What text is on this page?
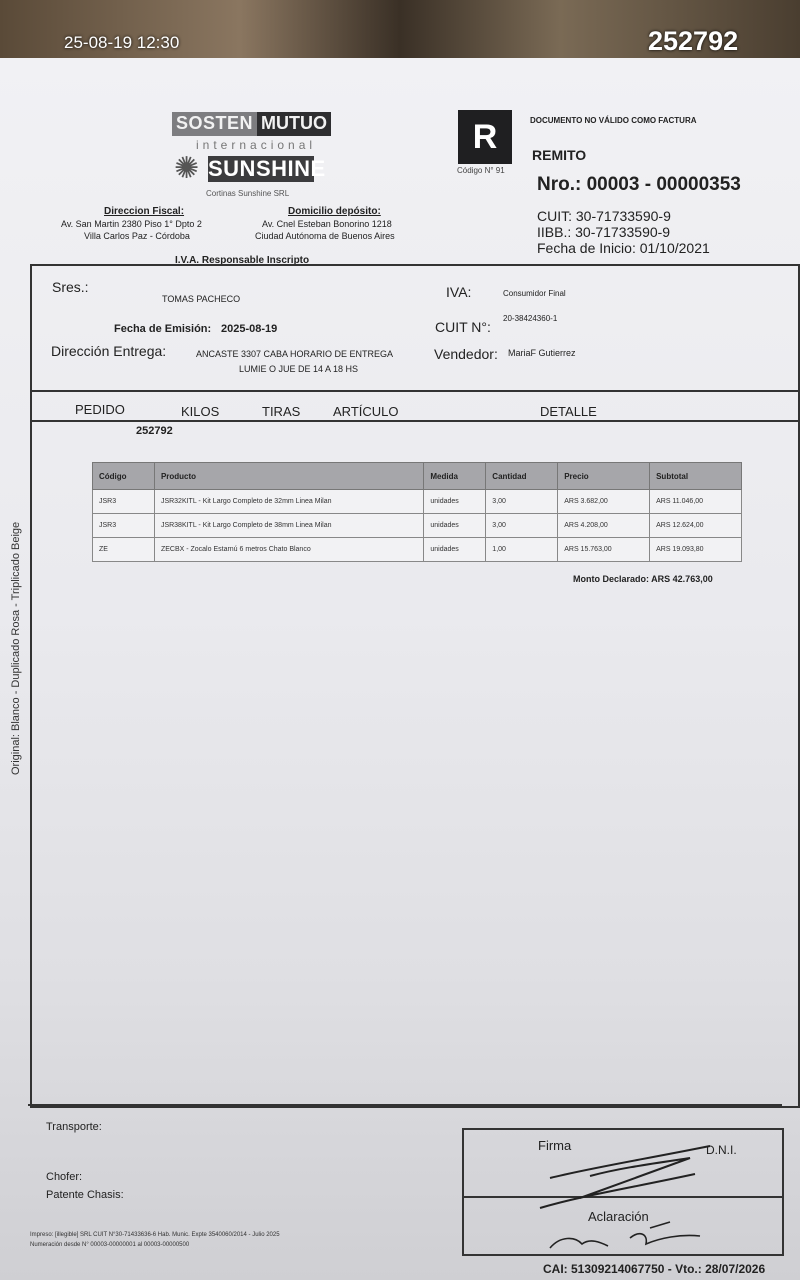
Original: Blanco - Duplicado Rosa - Triplicado Beige
SOSTEN MUTUO
internacional
✺ SUNSHINE
Cortinas Sunshine SRL
Direccion Fiscal:
Av. San Martin 2380 Piso 1° Dpto 2
Villa Carlos Paz - Córdoba
Domicilio depósito:
Av. Cnel Esteban Bonorino 1218
Ciudad Autónoma de Buenos Aires
I.V.A. Responsable Inscripto
R
Código N° 91
DOCUMENTO NO VÁLIDO COMO FACTURA
REMITO
Nro.: 00003 - 00000353
CUIT: 30-71733590-9
IIBB.: 30-71733590-9
Fecha de Inicio: 01/10/2021
Sres.:
TOMAS PACHECO	IVA:	Consumidor Final
Fecha de Emisión: 2025-08-19	CUIT N°:
20-38424360-1
Dirección Entrega:	ANCASTE 3307 CABA HORARIO DE ENTREGA
LUMIE O JUE DE 14 A 18 HS
Vendedor: MariaF Gutierrez
PEDIDO	KILOS	TIRAS	ARTÍCULO	DETALLE
252792
Código	Producto	Medida	Cantidad	Precio	Subtotal
JSR3	JSR32KITL - Kit Largo Completo de 32mm Linea Milan	unidades	3,00	ARS 3.682,00	ARS 11.046,00
JSR3	JSR38KITL - Kit Largo Completo de 38mm Linea Milan	unidades	3,00	ARS 4.208,00	ARS 12.624,00
ZE	ZECBX - Zocalo Estarnú 6 metros Chato Blanco	unidades	1,00	ARS 15.763,00	ARS 19.093,80
Monto Declarado: ARS 42.763,00
Transporte:
Chofer:
Patente Chasis:
Firma	D.N.I.
Aclaración
Impreso: [illegible] SRL CUIT N°30-71433636-6 Hab. Munic. Expte 3540060/2014 - Julio 2025
Numeración desde N° 00003-00000001 al 00003-00000500
CAI: 51309214067750 - Vto.: 28/07/2026
25-08-19 12:30	252792
